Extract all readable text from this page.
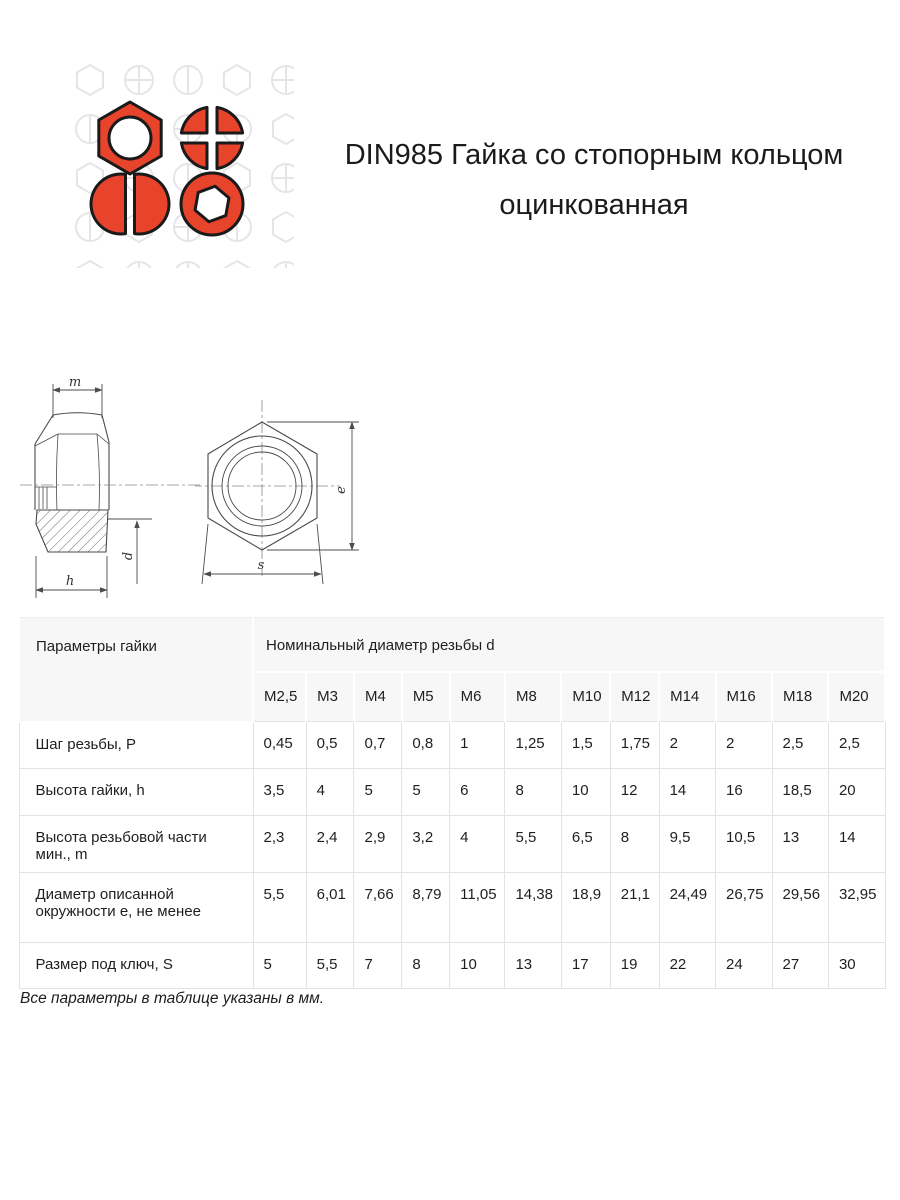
DIN985 Гайка со стопорным кольцом
оцинкованная
m
d
h
e
s
Параметры гайки	Номинальный диаметр резьбы d											
	M2,5	M3	M4	M5	M6	M8	M10	M12	M14	M16	M18	M20
Шаг резьбы, P	0,45	0,5	0,7	0,8	1	1,25	1,5	1,75	2	2	2,5	2,5
Высота гайки, h	3,5	4	5	5	6	8	10	12	14	16	18,5	20
Высота резьбовой части мин., m	2,3	2,4	2,9	3,2	4	5,5	6,5	8	9,5	10,5	13	14
Диаметр описанной окружности e, не менее	5,5	6,01	7,66	8,79	11,05	14,38	18,9	21,1	24,49	26,75	29,56	32,95
Размер под ключ, S	5	5,5	7	8	10	13	17	19	22	24	27	30
Все параметры в таблице указаны в мм.
